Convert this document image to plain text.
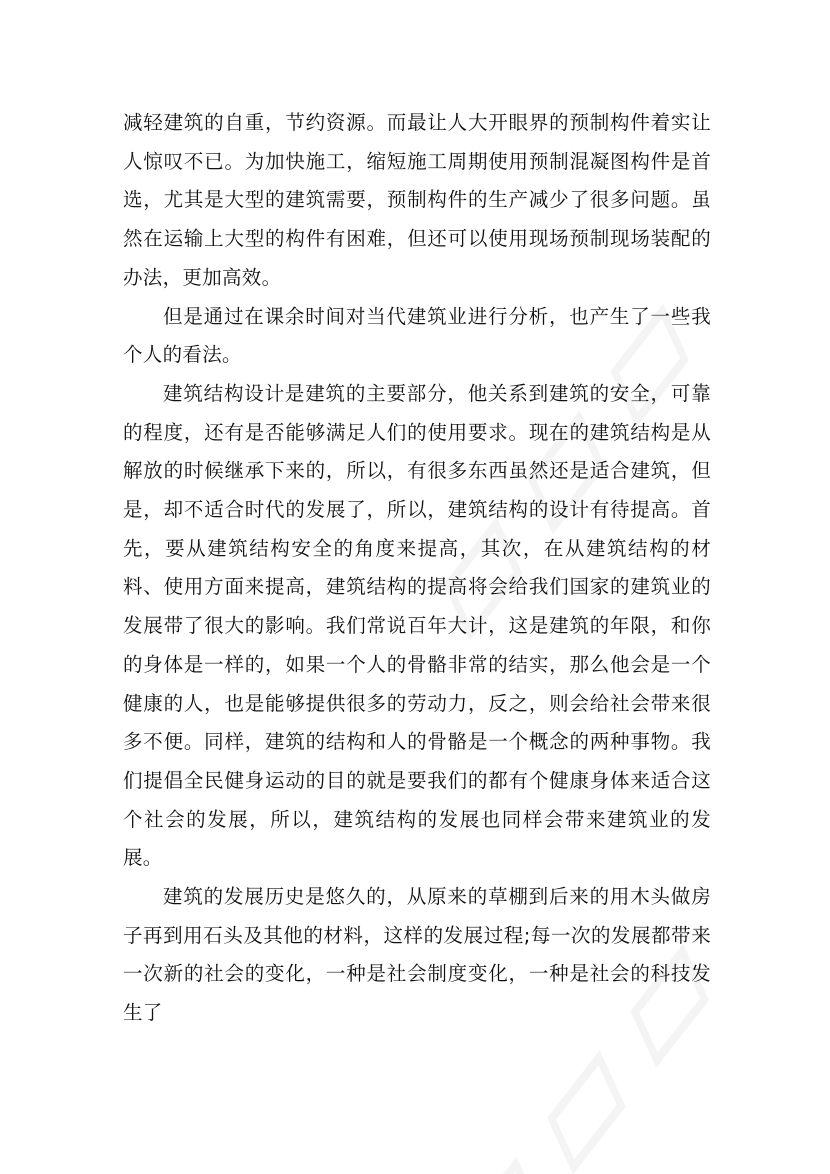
减轻建筑的自重，节约资源。而最让人大开眼界的预制构件着实让人惊叹不已。为加快施工，缩短施工周期使用预制混凝图构件是首选，尤其是大型的建筑需要，预制构件的生产减少了很多问题。虽然在运输上大型的构件有困难，但还可以使用现场预制现场装配的办法，更加高效。

但是通过在课余时间对当代建筑业进行分析，也产生了一些我个人的看法。

建筑结构设计是建筑的主要部分，他关系到建筑的安全，可靠的程度，还有是否能够满足人们的使用要求。现在的建筑结构是从解放的时候继承下来的，所以，有很多东西虽然还是适合建筑，但是，却不适合时代的发展了，所以，建筑结构的设计有待提高。首先，要从建筑结构安全的角度来提高，其次，在从建筑结构的材料、使用方面来提高，建筑结构的提高将会给我们国家的建筑业的发展带了很大的影响。我们常说百年大计，这是建筑的年限，和你的身体是一样的，如果一个人的骨骼非常的结实，那么他会是一个健康的人，也是能够提供很多的劳动力，反之，则会给社会带来很多不便。同样，建筑的结构和人的骨骼是一个概念的两种事物。我们提倡全民健身运动的目的就是要我们的都有个健康身体来适合这个社会的发展，所以，建筑结构的发展也同样会带来建筑业的发展。

建筑的发展历史是悠久的，从原来的草棚到后来的用木头做房子再到用石头及其他的材料，这样的发展过程;每一次的发展都带来一次新的社会的变化，一种是社会制度变化，一种是社会的科技发生了
